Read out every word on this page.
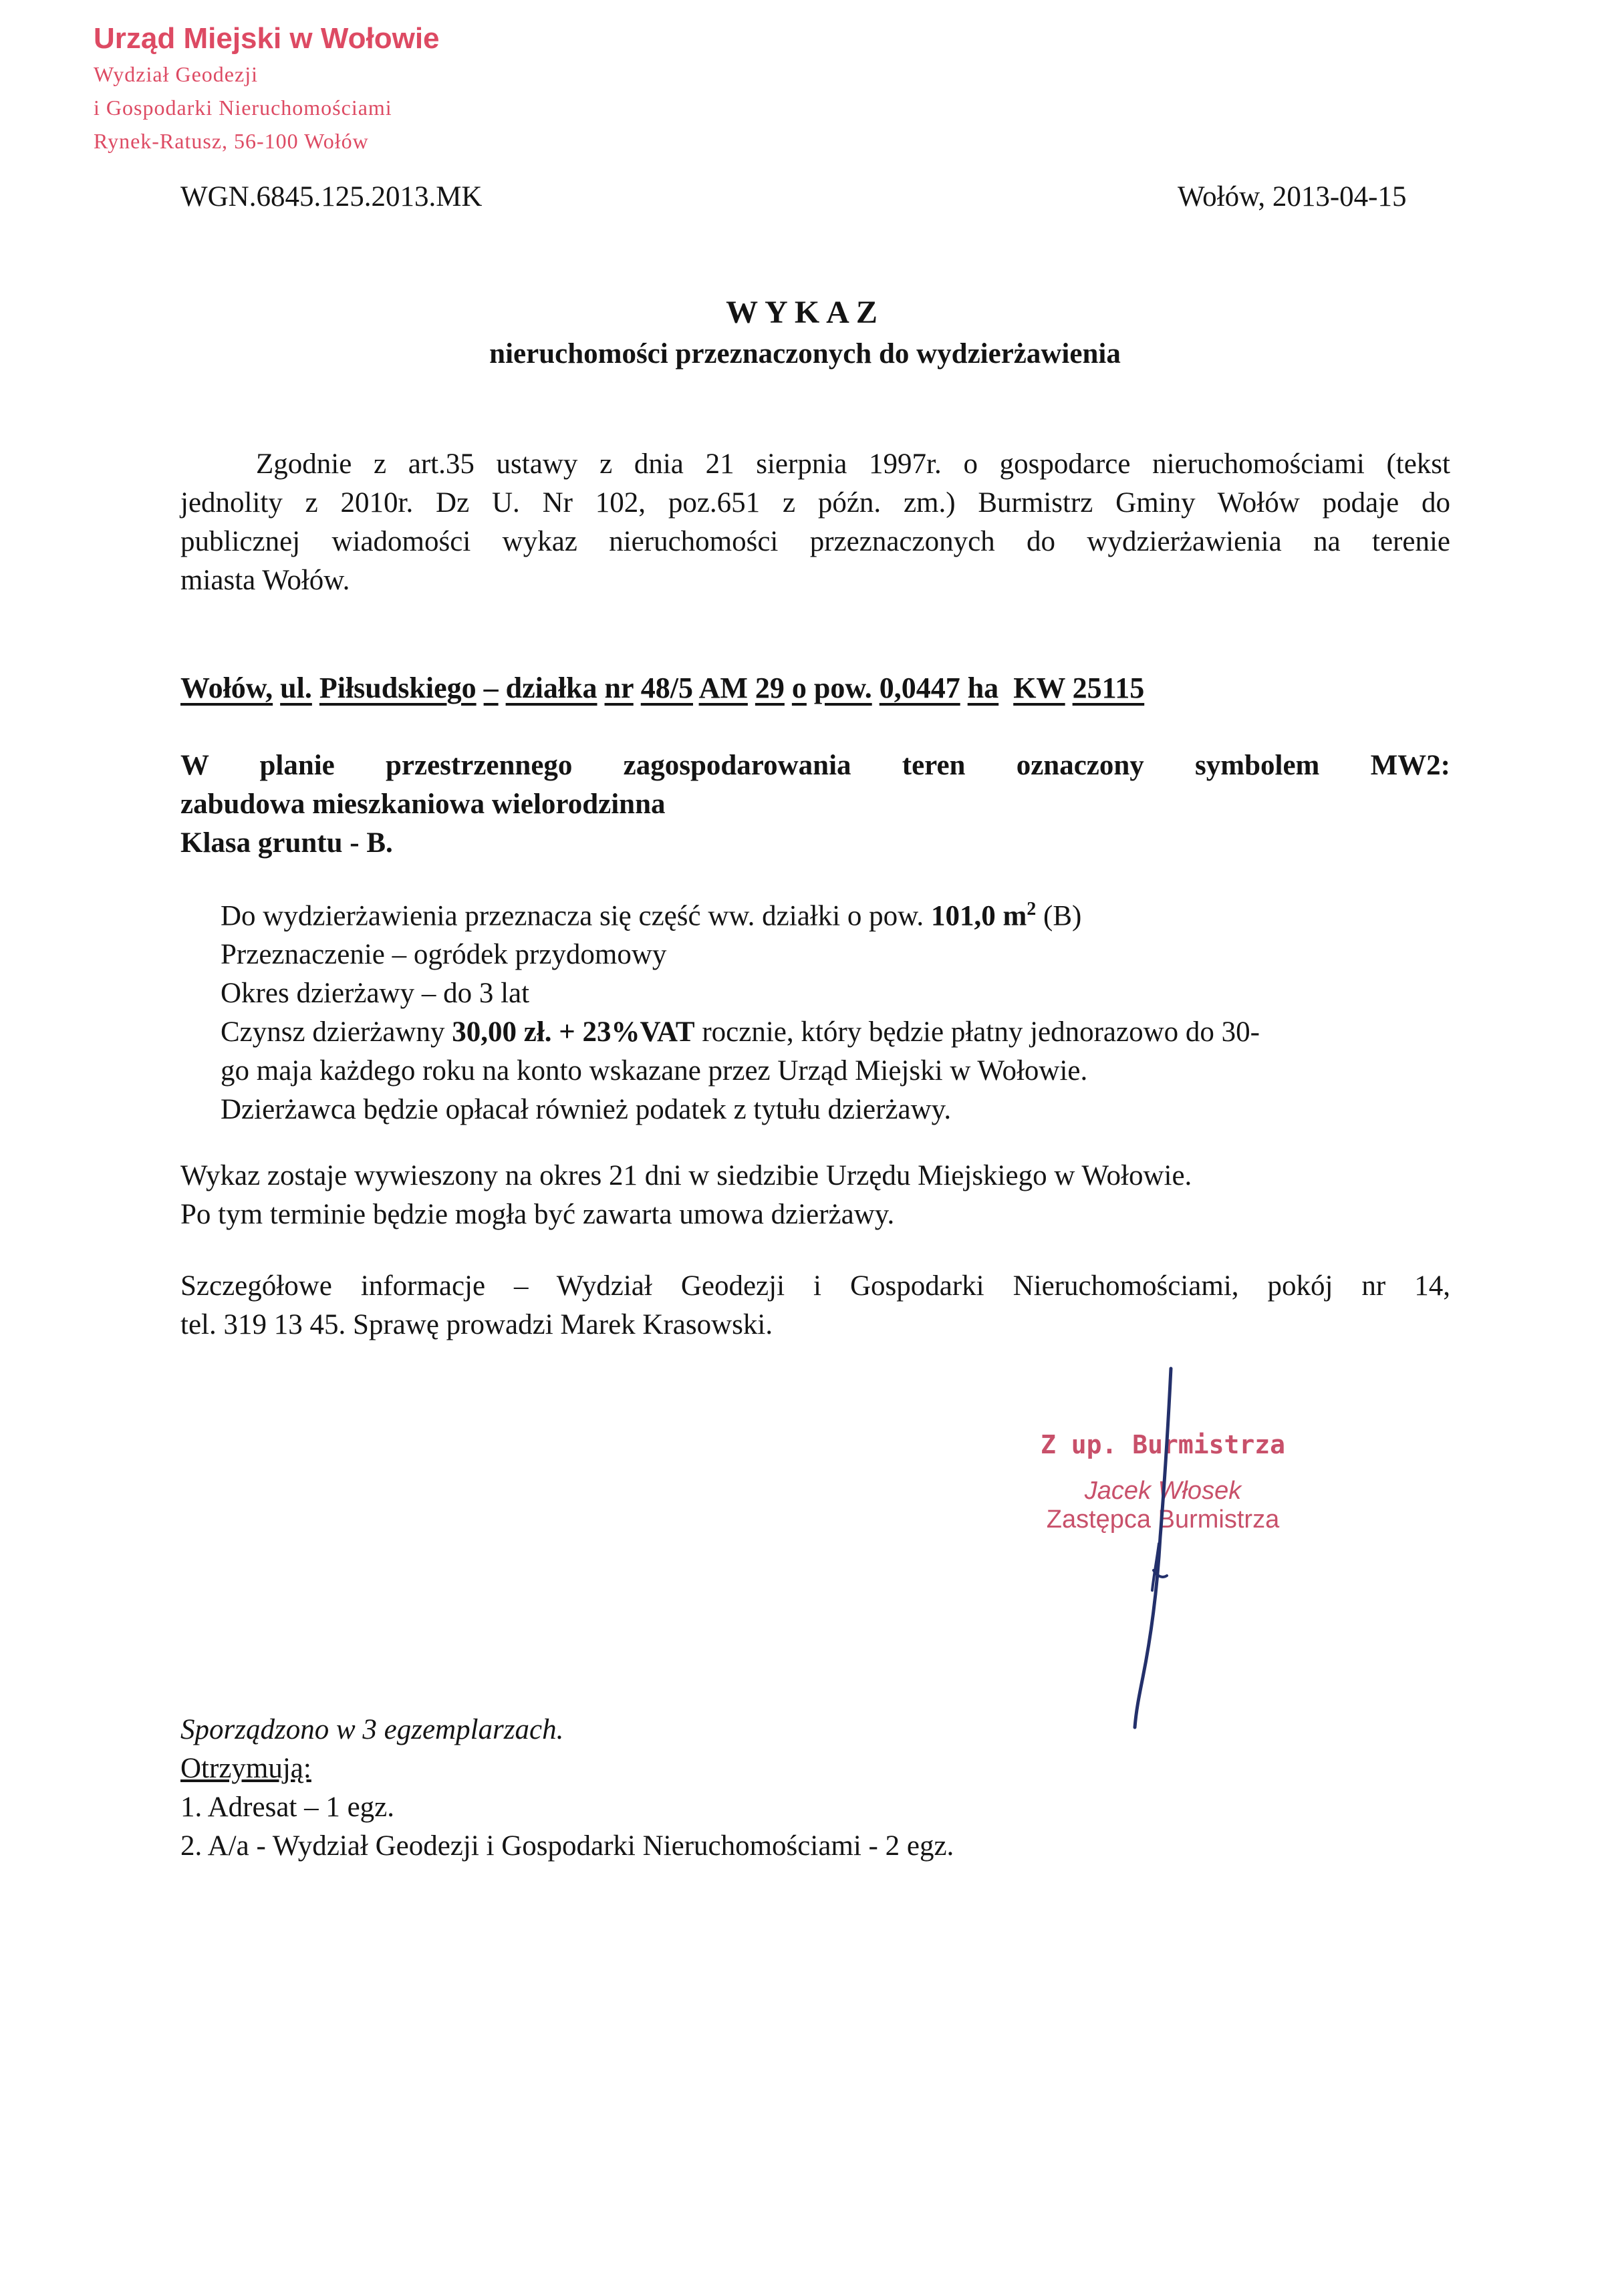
Urząd Miejski w Wołowie
Wydział Geodezji
i Gospodarki Nieruchomościami
Rynek-Ratusz, 56-100 Wołów
WGN.6845.125.2013.MK	Wołów, 2013-04-15
WYKAZ
nieruchomości przeznaczonych do wydzierżawienia
Zgodnie z art.35 ustawy z dnia 21 sierpnia 1997r. o gospodarce nieruchomościami (tekst
jednolity z 2010r. Dz U. Nr 102, poz.651 z późn. zm.) Burmistrz Gminy Wołów podaje do
publicznej wiadomości wykaz nieruchomości przeznaczonych do wydzierżawienia na terenie
miasta Wołów.
Wołów, ul. Piłsudskiego – działka nr 48/5 AM 29 o pow. 0,0447 ha KW 25115
W planie przestrzennego zagospodarowania teren oznaczony symbolem MW2:
zabudowa mieszkaniowa wielorodzinna
Klasa gruntu - B.
Do wydzierżawienia przeznacza się część ww. działki o pow. 101,0 $m^2$ (B)
Przeznaczenie – ogródek przydomowy
Okres dzierżawy – do 3 lat
Czynsz dzierżawny 30,00 zł. + 23%VAT rocznie, który będzie płatny jednorazowo do 30-
go maja każdego roku na konto wskazane przez Urząd Miejski w Wołowie.
Dzierżawca będzie opłacał również podatek z tytułu dzierżawy.
Wykaz zostaje wywieszony na okres 21 dni w siedzibie Urzędu Miejskiego w Wołowie.
Po tym terminie będzie mogła być zawarta umowa dzierżawy.
Szczegółowe informacje – Wydział Geodezji i Gospodarki Nieruchomościami, pokój nr 14,
tel. 319 13 45. Sprawę prowadzi Marek Krasowski.
Z up. Burmistrza
Jacek Włosek
Zastępca Burmistrza
Sporządzono w 3 egzemplarzach.
Otrzymują:
1. Adresat – 1 egz.
2. A/a - Wydział Geodezji i Gospodarki Nieruchomościami - 2 egz.
